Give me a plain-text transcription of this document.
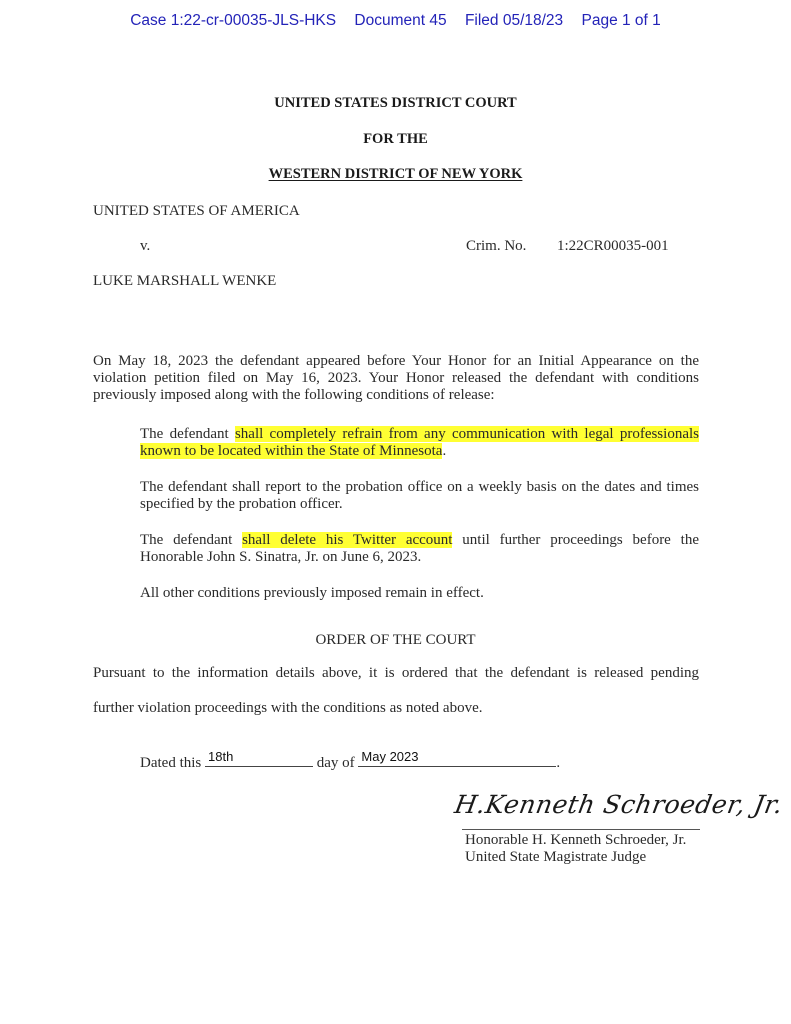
Case 1:22-cr-00035-JLS-HKS Document 45 Filed 05/18/23 Page 1 of 1
UNITED STATES DISTRICT COURT
FOR THE
WESTERN DISTRICT OF NEW YORK
UNITED STATES OF AMERICA
v.	Crim. No. 1:22CR00035-001
LUKE MARSHALL WENKE
On May 18, 2023 the defendant appeared before Your Honor for an Initial Appearance on the violation petition filed on May 16, 2023. Your Honor released the defendant with conditions previously imposed along with the following conditions of release:
The defendant shall completely refrain from any communication with legal professionals known to be located within the State of Minnesota.
The defendant shall report to the probation office on a weekly basis on the dates and times specified by the probation officer.
The defendant shall delete his Twitter account until further proceedings before the Honorable John S. Sinatra, Jr. on June 6, 2023.
All other conditions previously imposed remain in effect.
ORDER OF THE COURT
Pursuant to the information details above, it is ordered that the defendant is released pending
further violation proceedings with the conditions as noted above.
Dated this 18th	day of May 2023	.
H.Kenneth Schroeder, Jr.
Honorable H. Kenneth Schroeder, Jr.
United State Magistrate Judge
